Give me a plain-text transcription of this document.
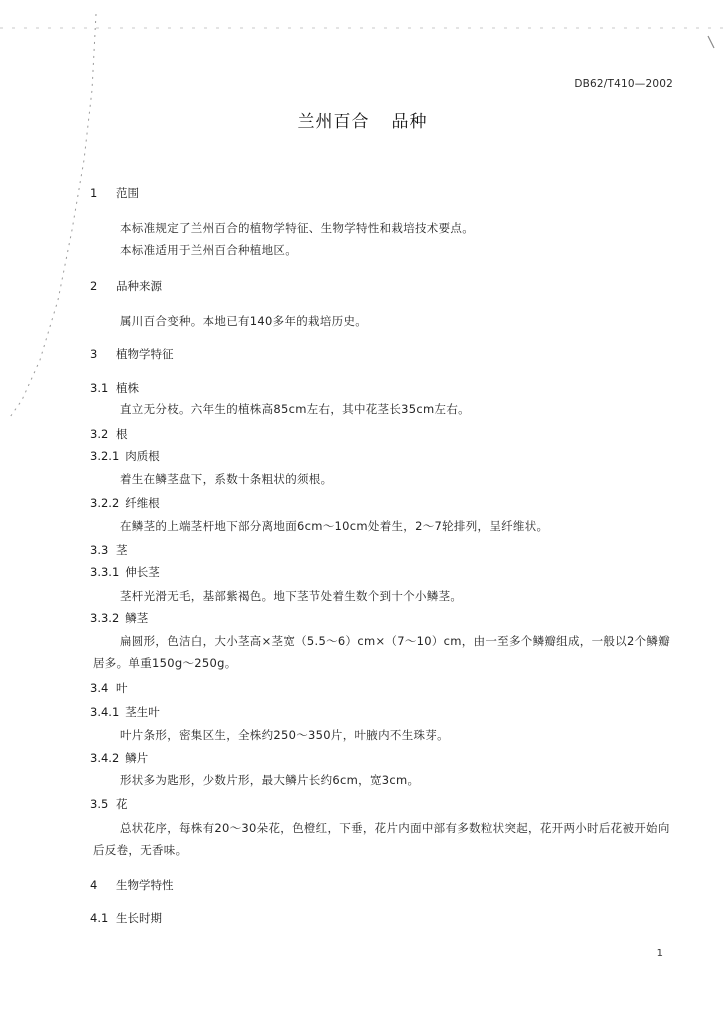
DB62/T410—2002
兰州百合 品种
1 范围
本标准规定了兰州百合的植物学特征、生物学特性和栽培技术要点。
本标准适用于兰州百合种植地区。
2 品种来源
属川百合变种。本地已有140多年的栽培历史。
3 植物学特征
3.1 植株
直立无分枝。六年生的植株高85cm左右，其中花茎长35cm左右。
3.2 根
3.2.1 肉质根
着生在鳞茎盘下，系数十条粗状的须根。
3.2.2 纤维根
在鳞茎的上端茎杆地下部分离地面6cm～10cm处着生，2～7轮排列，呈纤维状。
3.3 茎
3.3.1 伸长茎
茎杆光滑无毛，基部紫褐色。地下茎节处着生数个到十个小鳞茎。
3.3.2 鳞茎
扁圆形，色洁白，大小茎高×茎宽（5.5～6）cm×（7～10）cm，由一至多个鳞瓣组成，一般以2个鳞瓣居多。单重150g～250g。
3.4 叶
3.4.1 茎生叶
叶片条形，密集区生，全株约250～350片，叶腋内不生珠芽。
3.4.2 鳞片
形状多为匙形，少数片形，最大鳞片长约6cm，宽3cm。
3.5 花
总状花序，每株有20～30朵花，色橙红，下垂，花片内面中部有多数粒状突起，花开两小时后花被开始向后反卷，无香味。
4 生物学特性
4.1 生长时期
1
